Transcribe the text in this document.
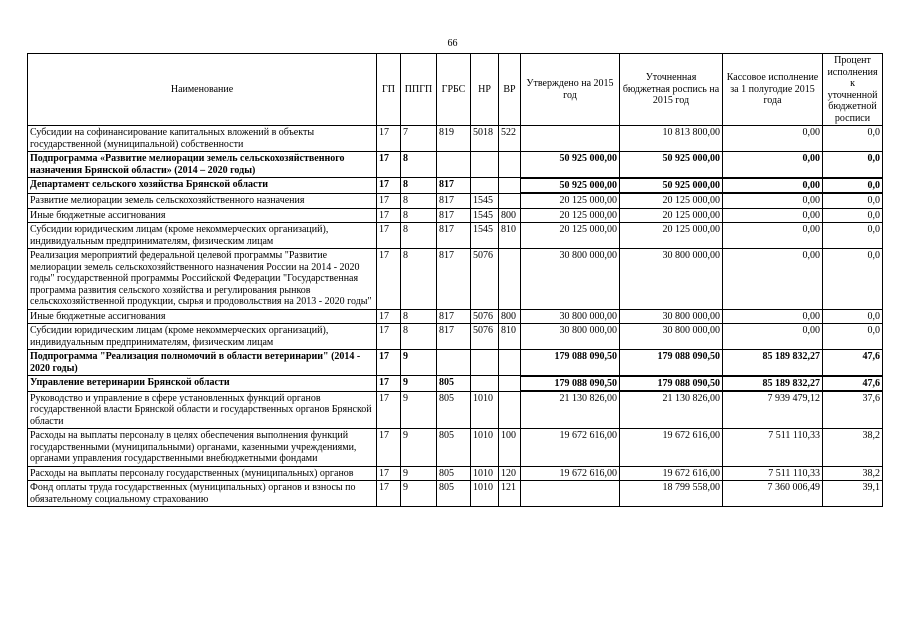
66
Наименование	ГП	ППГП	ГРБС	НР	ВР	Утверждено на 2015 год	Уточненная бюджетная роспись на 2015 год	Кассовое исполнение за 1 полугодие 2015 года	Процент исполнения к уточненной бюджетной росписи
Субсидии на софинансирование капитальных вложений в объекты государственной (муниципальной) собственности	17	7	819	5018	522		10 813 800,00	0,00	0,0
Подпрограмма «Развитие мелиорации земель сельскохозяйственного назначения Брянской области» (2014 – 2020 годы)	17	8				50 925 000,00	50 925 000,00	0,00	0,0
Департамент сельского хозяйства Брянской области	17	8	817			50 925 000,00	50 925 000,00	0,00	0,0
Развитие мелиорации земель сельскохозяйственного назначения	17	8	817	1545		20 125 000,00	20 125 000,00	0,00	0,0
Иные бюджетные ассигнования	17	8	817	1545	800	20 125 000,00	20 125 000,00	0,00	0,0
Субсидии юридическим лицам (кроме некоммерческих организаций), индивидуальным предпринимателям, физическим лицам	17	8	817	1545	810	20 125 000,00	20 125 000,00	0,00	0,0
Реализация мероприятий федеральной целевой программы "Развитие мелиорации земель сельскохозяйственного назначения России на 2014 - 2020 годы" государственной программы Российской Федерации "Государственная программа развития сельского хозяйства и регулирования рынков сельскохозяйственной продукции, сырья и продовольствия на 2013 - 2020 годы"	17	8	817	5076		30 800 000,00	30 800 000,00	0,00	0,0
Иные бюджетные ассигнования	17	8	817	5076	800	30 800 000,00	30 800 000,00	0,00	0,0
Субсидии юридическим лицам (кроме некоммерческих организаций), индивидуальным предпринимателям, физическим лицам	17	8	817	5076	810	30 800 000,00	30 800 000,00	0,00	0,0
Подпрограмма "Реализация полномочий в области ветеринарии" (2014 - 2020 годы)	17	9				179 088 090,50	179 088 090,50	85 189 832,27	47,6
Управление ветеринарии Брянской области	17	9	805			179 088 090,50	179 088 090,50	85 189 832,27	47,6
Руководство и управление в сфере установленных функций органов государственной власти Брянской области и государственных органов Брянской области	17	9	805	1010		21 130 826,00	21 130 826,00	7 939 479,12	37,6
Расходы на выплаты персоналу в целях обеспечения выполнения функций государственными (муниципальными) органами, казенными учреждениями, органами управления государственными внебюджетными фондами	17	9	805	1010	100	19 672 616,00	19 672 616,00	7 511 110,33	38,2
Расходы на выплаты персоналу государственных (муниципальных) органов	17	9	805	1010	120	19 672 616,00	19 672 616,00	7 511 110,33	38,2
Фонд оплаты труда государственных (муниципальных) органов и взносы по обязательному социальному страхованию	17	9	805	1010	121		18 799 558,00	7 360 006,49	39,1
